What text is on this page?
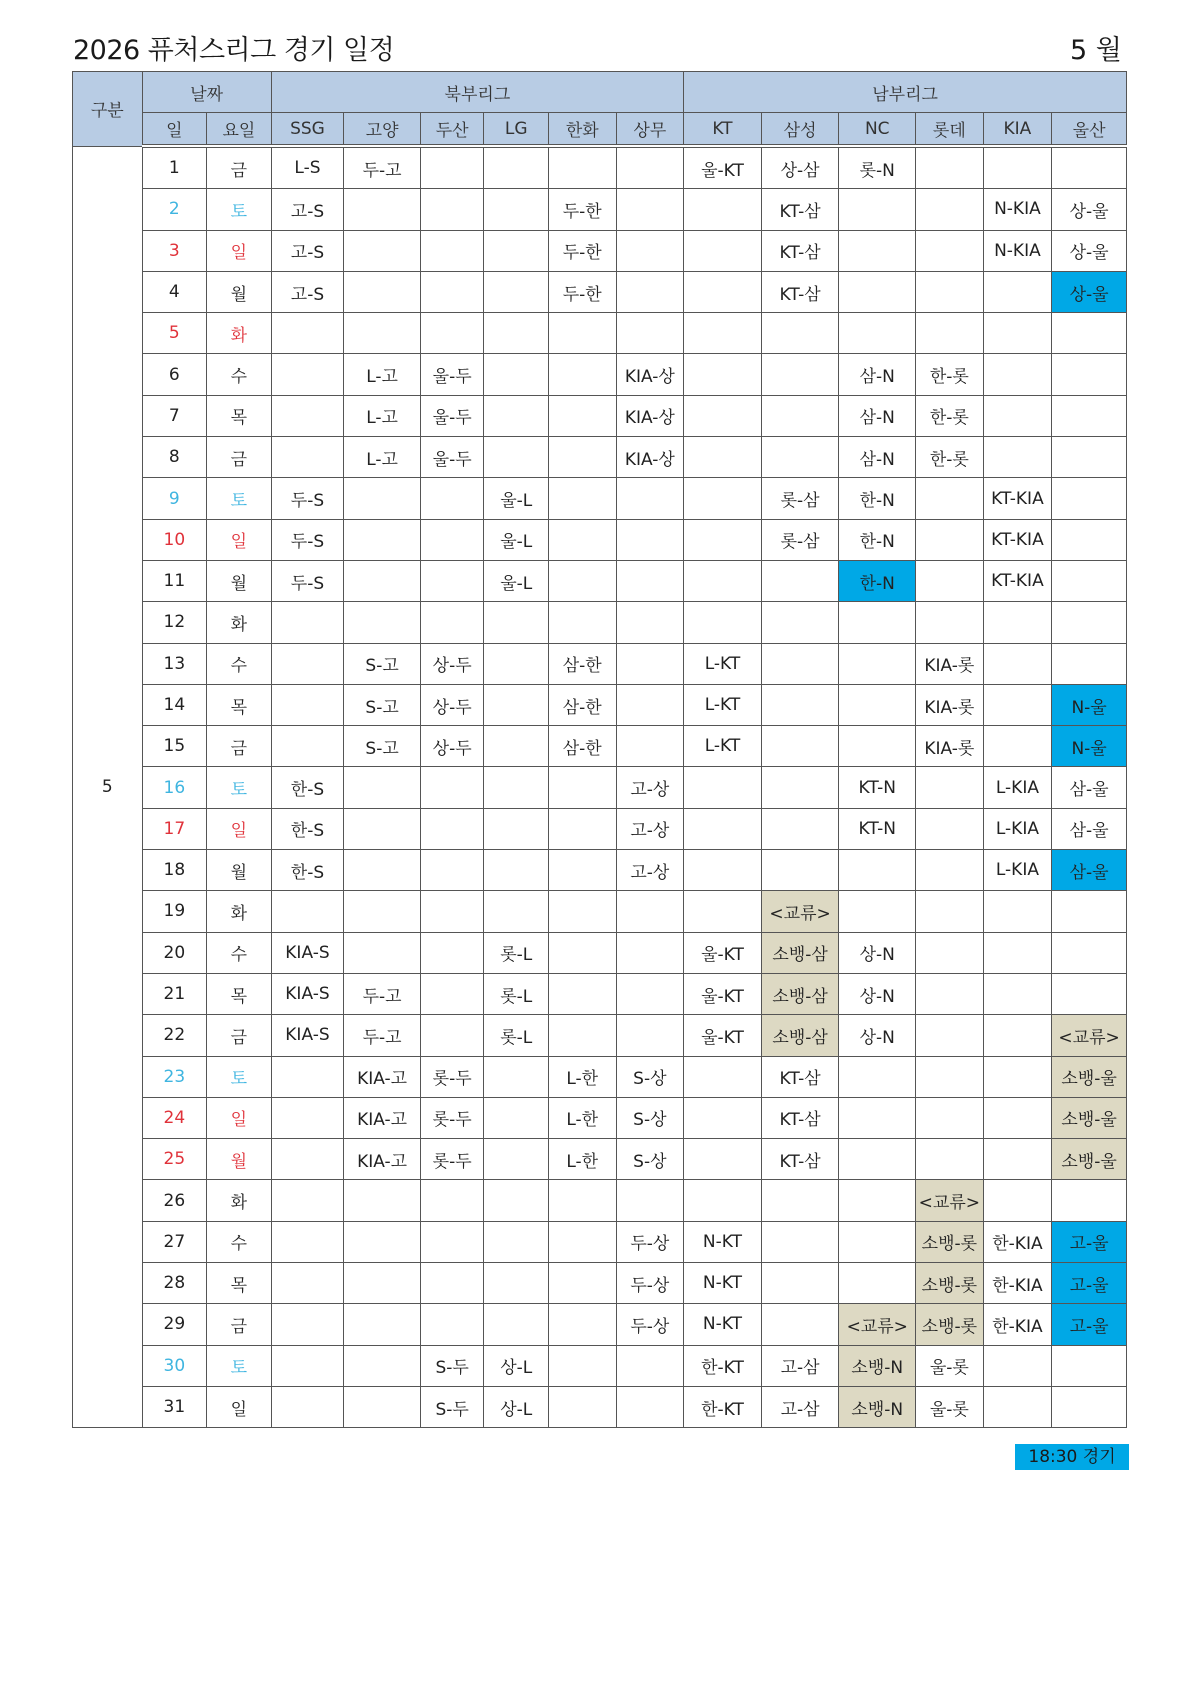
2026 퓨처스리그 경기 일정	5 월
구분	날짜		북부리그						남부리그					
	일	요일	SSG	고양	두산	LG	한화	상무	KT	삼성	NC	롯데	KIA	울산
5	1	금	L-S	두-고					울-KT	상-삼	롯-N			
	2	토	고-S				두-한			KT-삼			N-KIA	상-울
	3	일	고-S				두-한			KT-삼			N-KIA	상-울
	4	월	고-S				두-한			KT-삼				상-울
	5	화												
	6	수		L-고	울-두			KIA-상			삼-N	한-롯		
	7	목		L-고	울-두			KIA-상			삼-N	한-롯		
	8	금		L-고	울-두			KIA-상			삼-N	한-롯		
	9	토	두-S			울-L				롯-삼	한-N		KT-KIA	
	10	일	두-S			울-L				롯-삼	한-N		KT-KIA	
	11	월	두-S			울-L					한-N		KT-KIA	
	12	화												
	13	수		S-고	상-두		삼-한		L-KT			KIA-롯		
	14	목		S-고	상-두		삼-한		L-KT			KIA-롯		N-울
	15	금		S-고	상-두		삼-한		L-KT			KIA-롯		N-울
	16	토	한-S					고-상			KT-N		L-KIA	삼-울
	17	일	한-S					고-상			KT-N		L-KIA	삼-울
	18	월	한-S					고-상					L-KIA	삼-울
	19	화								<교류>				
	20	수	KIA-S			롯-L			울-KT	소뱅-삼	상-N			
	21	목	KIA-S	두-고		롯-L			울-KT	소뱅-삼	상-N			
	22	금	KIA-S	두-고		롯-L			울-KT	소뱅-삼	상-N			<교류>
	23	토		KIA-고	롯-두		L-한	S-상		KT-삼				소뱅-울
	24	일		KIA-고	롯-두		L-한	S-상		KT-삼				소뱅-울
	25	월		KIA-고	롯-두		L-한	S-상		KT-삼				소뱅-울
	26	화										<교류>		
	27	수						두-상	N-KT			소뱅-롯	한-KIA	고-울
	28	목						두-상	N-KT			소뱅-롯	한-KIA	고-울
	29	금						두-상	N-KT		<교류>	소뱅-롯	한-KIA	고-울
	30	토			S-두	상-L			한-KT	고-삼	소뱅-N	울-롯		
	31	일			S-두	상-L			한-KT	고-삼	소뱅-N	울-롯		
18:30 경기
